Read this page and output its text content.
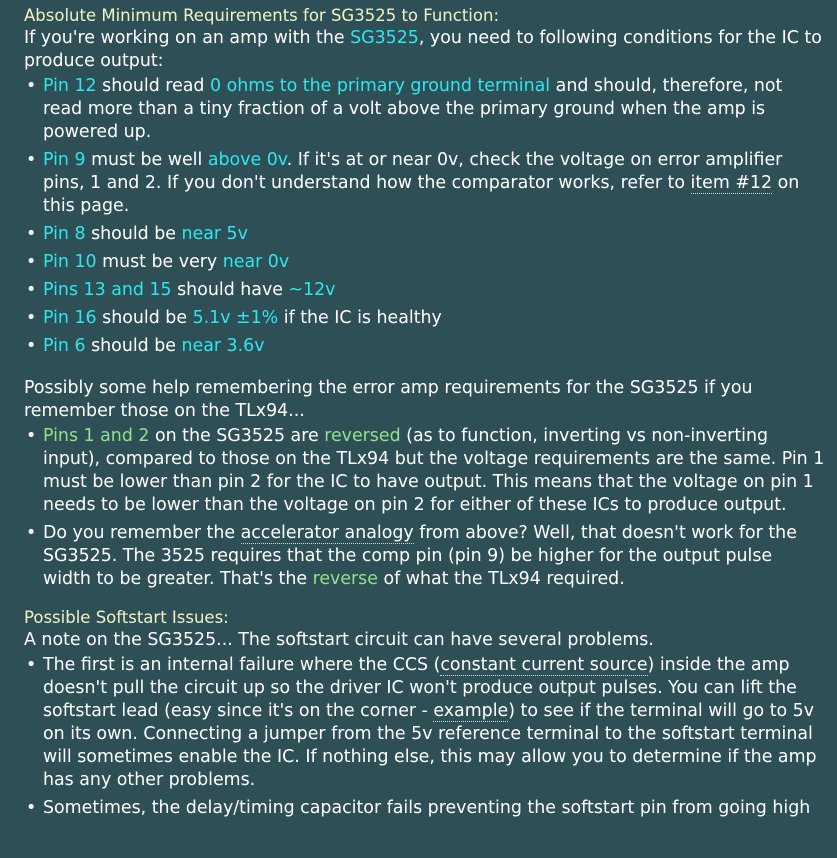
Absolute Minimum Requirements for SG3525 to Function:

If you're working on an amp with the SG3525, you need to following conditions for the IC to produce output:

• Pin 12 should read 0 ohms to the primary ground terminal and should, therefore, not read more than a tiny fraction of a volt above the primary ground when the amp is powered up.
• Pin 9 must be well above 0v. If it's at or near 0v, check the voltage on error amplifier pins, 1 and 2. If you don't understand how the comparator works, refer to item #12 on this page.
• Pin 8 should be near 5v
• Pin 10 must be very near 0v
• Pins 13 and 15 should have ~12v
• Pin 16 should be 5.1v ±1% if the IC is healthy
• Pin 6 should be near 3.6v

Possibly some help remembering the error amp requirements for the SG3525 if you remember those on the TLx94...

• Pins 1 and 2 on the SG3525 are reversed (as to function, inverting vs non-inverting input), compared to those on the TLx94 but the voltage requirements are the same. Pin 1 must be lower than pin 2 for the IC to have output. This means that the voltage on pin 1 needs to be lower than the voltage on pin 2 for either of these ICs to produce output.
• Do you remember the accelerator analogy from above? Well, that doesn't work for the SG3525. The 3525 requires that the comp pin (pin 9) be higher for the output pulse width to be greater. That's the reverse of what the TLx94 required.
Possible Softstart Issues:

A note on the SG3525... The softstart circuit can have several problems.

• The first is an internal failure where the CCS (constant current source) inside the amp doesn't pull the circuit up so the driver IC won't produce output pulses. You can lift the softstart lead (easy since it's on the corner - example) to see if the terminal will go to 5v on its own. Connecting a jumper from the 5v reference terminal to the softstart terminal will sometimes enable the IC. If nothing else, this may allow you to determine if the amp has any other problems.
• Sometimes, the delay/timing capacitor fails preventing the softstart pin from going high
